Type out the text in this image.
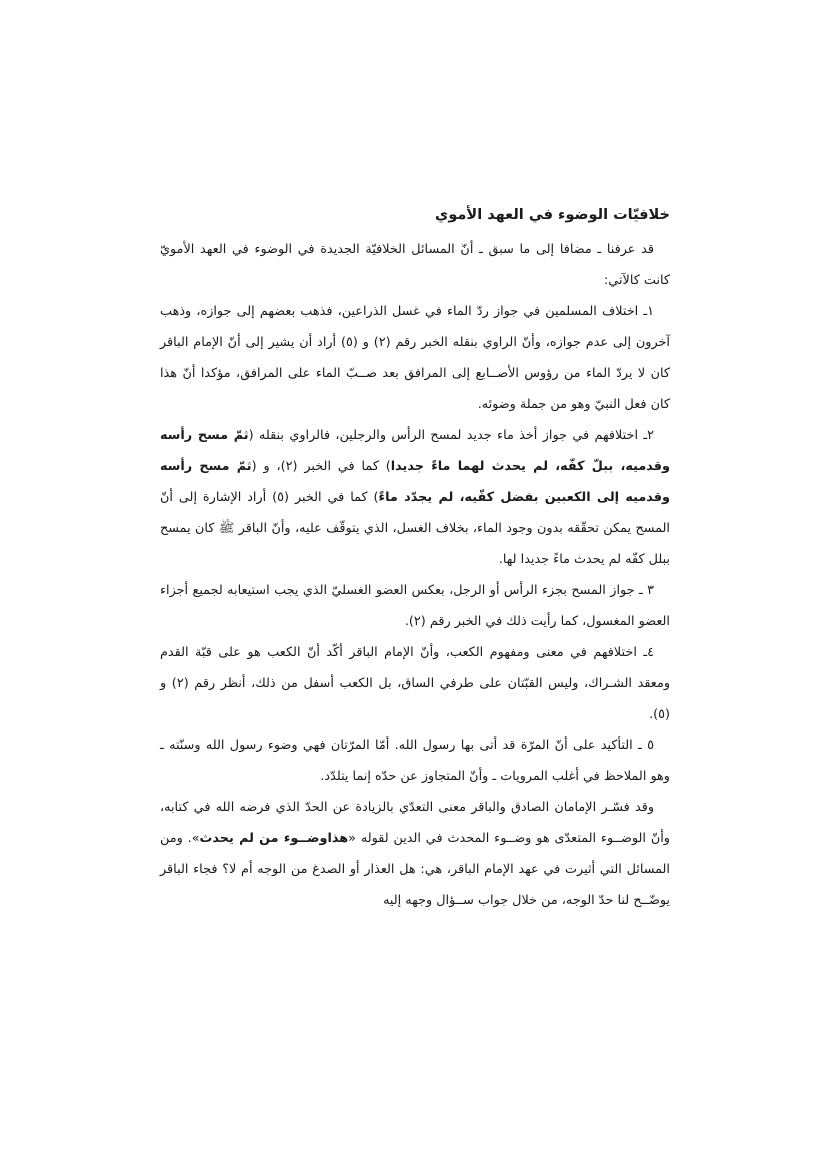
خلافيّات الوضوء في العهد الأموي

قد عرفنا ـ مضافا إلى ما سبق ـ أنّ المسائل الخلافيّة الجديدة في الوضوء في العهد الأمويّ كانت كالآتي:

١ـ اختلاف المسلمين في جواز ردّ الماء في غسل الذراعين، فذهب بعضهم إلى جوازه، وذهب آخرون إلى عدم جوازه، وأنّ الراوي بنقله الخبر رقم (٢) و (٥) أراد أن يشير إلى أنّ الإمام الباقر كان لا يردّ الماء من رؤوس الأصــابع إلى المرافق بعد صــبّ الماء على المرافق، مؤكدا أنّ هذا كان فعل النبيّ وهو من جملة وضوئه.

٢ـ اختلافهم في جواز أخذ ماء جديد لمسح الرأس والرجلين، فالراوي بنقله (ثمّ مسح رأسه وقدميه، ببلّ كفّه، لم يحدث لهما ماءً جديدا) كما في الخبر (٢)، و (ثمّ مسح رأسه وقدميه إلى الكعبين بفضل كفّيه، لم يجدّد ماءً) كما في الخبر (٥) أراد الإشارة إلى أنّ المسح يمكن تحقّقه بدون وجود الماء، بخلاف الغسل، الذي يتوقّف عليه، وأنّ الباقر ﷺ كان يمسح ببلل كفّه لم يحدث ماءً جديدا لها.

٣ ـ جواز المسح بجزء الرأس أو الرجل، بعكس العضو الغسليّ الذي يجب استيعابه لجميع أجزاء العضو المغسول، كما رأيت ذلك في الخبر رقم (٢).

٤ـ اختلافهم في معنى ومفهوم الكعب، وأنّ الإمام الباقر أكّد أنّ الكعب هو على قبّة القدم ومعقد الشـراك، وليس القبّتان على طرفي الساق، بل الكعب أسفل من ذلك، أنظر رقم (٢) و (٥).

٥ ـ التأكيد على أنّ المرّة قد أتى بها رسول الله. أمّا المرّتان فهي وضوء رسول الله وسنّته ـ وهو الملاحظ في أغلب المرويات ـ وأنّ المتجاوز عن حدّه إنما يتلدّد.

وقد فسّـر الإمامان الصادق والباقر معنى التعدّي بالزيادة عن الحدّ الذي فرضه الله في كتابه، وأنّ الوضــوء المتعدّى هو وضــوء المحدث في الدين لقوله «هذاوضــوء من لم يحدث». ومن المسائل التي أثيرت في عهد الإمام الباقر، هي: هل العذار أو الصدغ من الوجه أم لا؟ فجاء الباقر يوضّــح لنا حدّ الوجه، من خلال جواب ســؤال وجهه إليه
